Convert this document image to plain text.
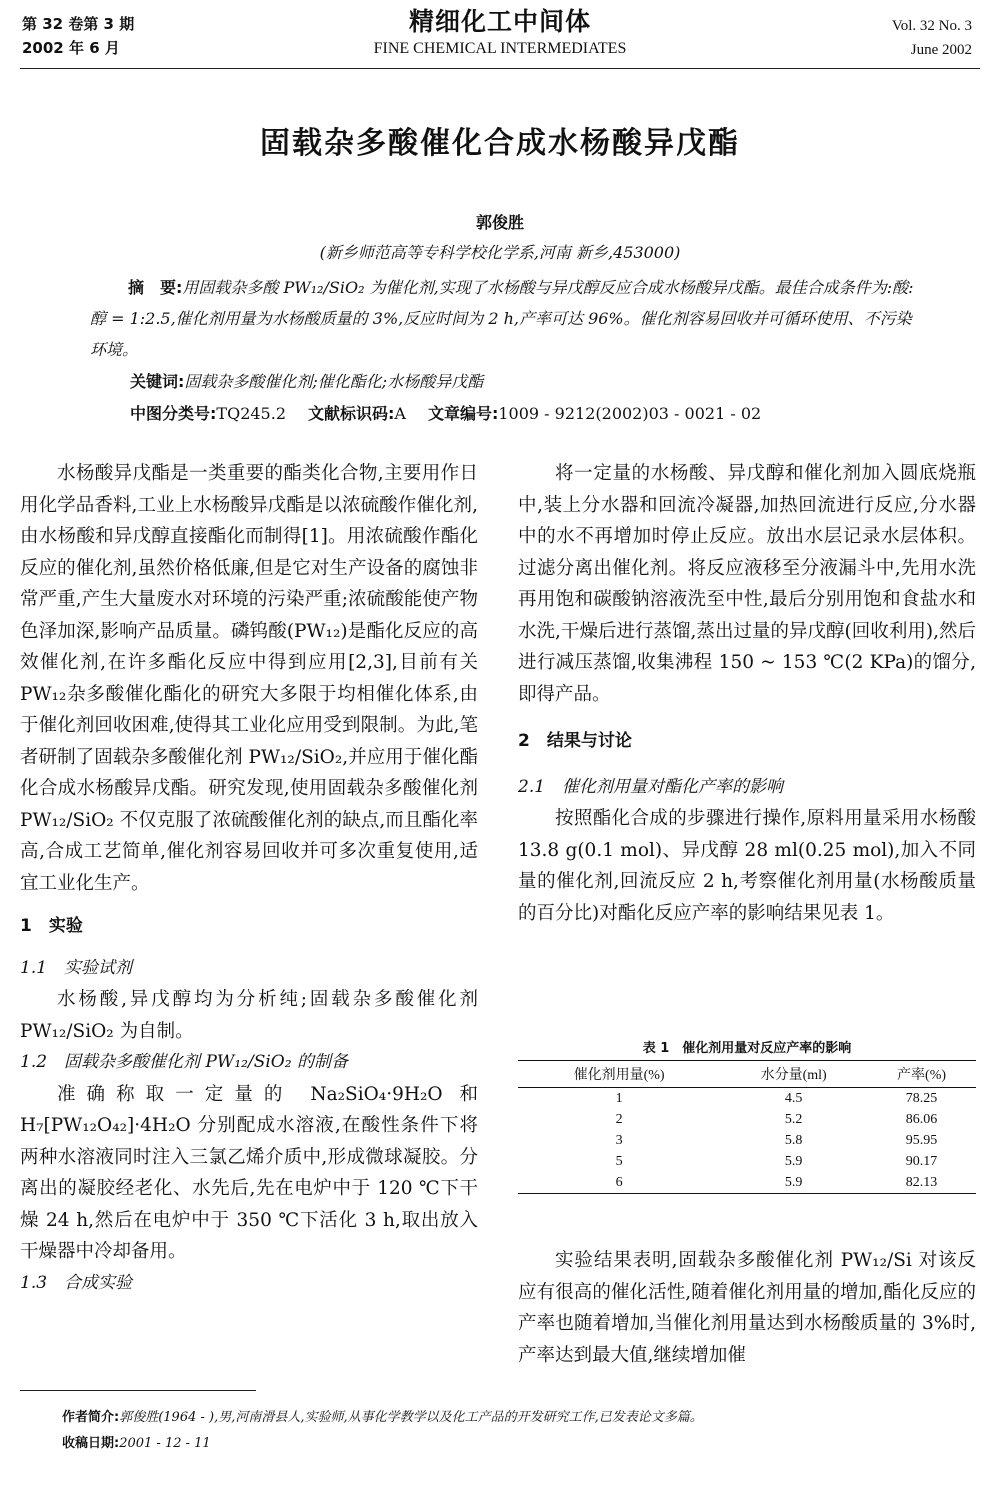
第 32 卷第 3 期
2002 年 6 月
精细化工中间体
FINE CHEMICAL INTERMEDIATES
Vol. 32 No. 3
June 2002
固载杂多酸催化合成水杨酸异戊酯
郭俊胜
(新乡师范高等专科学校化学系,河南 新乡,453000)
摘　要:用固载杂多酸 PW₁₂/SiO₂ 为催化剂,实现了水杨酸与异戊醇反应合成水杨酸异戊酯。最佳合成条件为:酸:醇 = 1:2.5,催化剂用量为水杨酸质量的 3%,反应时间为 2 h,产率可达 96%。催化剂容易回收并可循环使用、不污染环境。
关键词:固载杂多酸催化剂;催化酯化;水杨酸异戊酯
中图分类号:TQ245.2 文献标识码:A 文章编号:1009 - 9212(2002)03 - 0021 - 02

水杨酸异戊酯是一类重要的酯类化合物,主要用作日用化学品香料,工业上水杨酸异戊酯是以浓硫酸作催化剂,由水杨酸和异戊醇直接酯化而制得[1]。用浓硫酸作酯化反应的催化剂,虽然价格低廉,但是它对生产设备的腐蚀非常严重,产生大量废水对环境的污染严重;浓硫酸能使产物色泽加深,影响产品质量。磷钨酸(PW₁₂)是酯化反应的高效催化剂,在许多酯化反应中得到应用[2,3],目前有关PW₁₂杂多酸催化酯化的研究大多限于均相催化体系,由于催化剂回收困难,使得其工业化应用受到限制。为此,笔者研制了固载杂多酸催化剂 PW₁₂/SiO₂,并应用于催化酯化合成水杨酸异戊酯。研究发现,使用固载杂多酸催化剂 PW₁₂/SiO₂ 不仅克服了浓硫酸催化剂的缺点,而且酯化率高,合成工艺简单,催化剂容易回收并可多次重复使用,适宜工业化生产。

1　实验
1.1　实验试剂

水杨酸,异戊醇均为分析纯;固载杂多酸催化剂PW₁₂/SiO₂ 为自制。

1.2　固载杂多酸催化剂 PW₁₂/SiO₂ 的制备

准确称取一定量的 Na₂SiO₄·9H₂O 和 H₇[PW₁₂O₄₂]·4H₂O 分别配成水溶液,在酸性条件下将两种水溶液同时注入三氯乙烯介质中,形成微球凝胶。分离出的凝胶经老化、水先后,先在电炉中于 120 ℃下干燥 24 h,然后在电炉中于 350 ℃下活化 3 h,取出放入干燥器中冷却备用。

1.3　合成实验

将一定量的水杨酸、异戊醇和催化剂加入圆底烧瓶中,装上分水器和回流冷凝器,加热回流进行反应,分水器中的水不再增加时停止反应。放出水层记录水层体积。过滤分离出催化剂。将反应液移至分液漏斗中,先用水洗再用饱和碳酸钠溶液洗至中性,最后分别用饱和食盐水和水洗,干燥后进行蒸馏,蒸出过量的异戊醇(回收利用),然后进行减压蒸馏,收集沸程 150 ~ 153 ℃(2 KPa)的馏分,即得产品。

2　结果与讨论
2.1　催化剂用量对酯化产率的影响

按照酯化合成的步骤进行操作,原料用量采用水杨酸 13.8 g(0.1 mol)、异戊醇 28 ml(0.25 mol),加入不同量的催化剂,回流反应 2 h,考察催化剂用量(水杨酸质量的百分比)对酯化反应产率的影响结果见表 1。

表 1　催化剂用量对反应产率的影响
催化剂用量(%)	水分量(ml)	产率(%)
1	4.5	78.25
2	5.2	86.06
3	5.8	95.95
5	5.9	90.17
6	5.9	82.13

实验结果表明,固载杂多酸催化剂 PW₁₂/Si 对该反应有很高的催化活性,随着催化剂用量的增加,酯化反应的产率也随着增加,当催化剂用量达到水杨酸质量的 3%时,产率达到最大值,继续增加催

作者简介:郭俊胜(1964 - ),男,河南滑县人,实验师,从事化学教学以及化工产品的开发研究工作,已发表论文多篇。
收稿日期:2001 - 12 - 11
